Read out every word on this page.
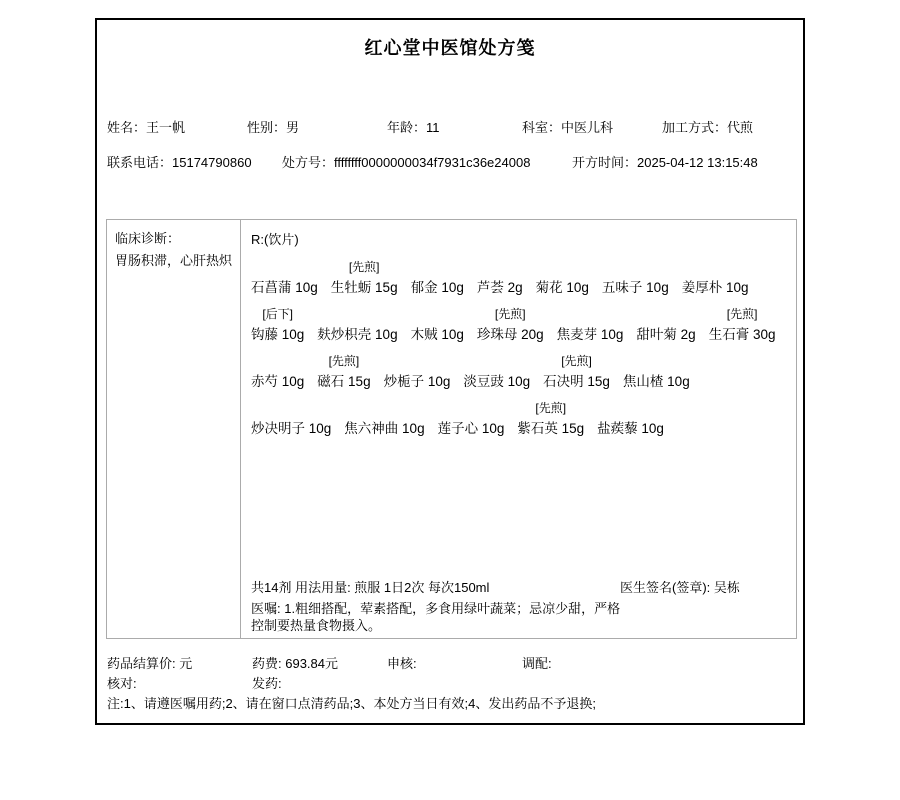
红心堂中医馆处方笺
姓名：王一帆	性别：男	年龄：11	科室：中医儿科	加工方式：代煎
联系电话：15174790860 处方号：ffffffff0000000034f7931c36e24008	开方时间：2025-04-12 13:15:48
临床诊断：胃肠积滞，心肝热炽
R:(饮片)

石菖蒲 10g
[先煎]
生牡蛎 15g
郁金 10g
芦荟 2g
菊花 10g
五味子 10g
姜厚朴 10g
[后下]
钩藤 10g
麸炒枳壳 10g
木贼 10g
[先煎]
珍珠母 20g
焦麦芽 10g
甜叶菊 2g
[先煎]
生石膏 30g

赤芍 10g
[先煎]
磁石 15g
炒栀子 10g
淡豆豉 10g
[先煎]
石决明 15g
焦山楂 10g

炒决明子 10g
焦六神曲 10g
莲子心 10g
[先煎]
紫石英 15g
盐蒺藜 10g
共14剂 用法用量: 煎服 1日2次 每次150ml	医生签名(签章): 吴栋
医嘱: 1.粗细搭配，荤素搭配，多食用绿叶蔬菜；忌凉少甜，严格控制要热量食物摄入。
药品结算价: 元	药费: 693.84元	申核:	调配:
核对:	发药:
注:1、请遵医嘱用药;2、请在窗口点清药品;3、本处方当日有效;4、发出药品不予退换;
